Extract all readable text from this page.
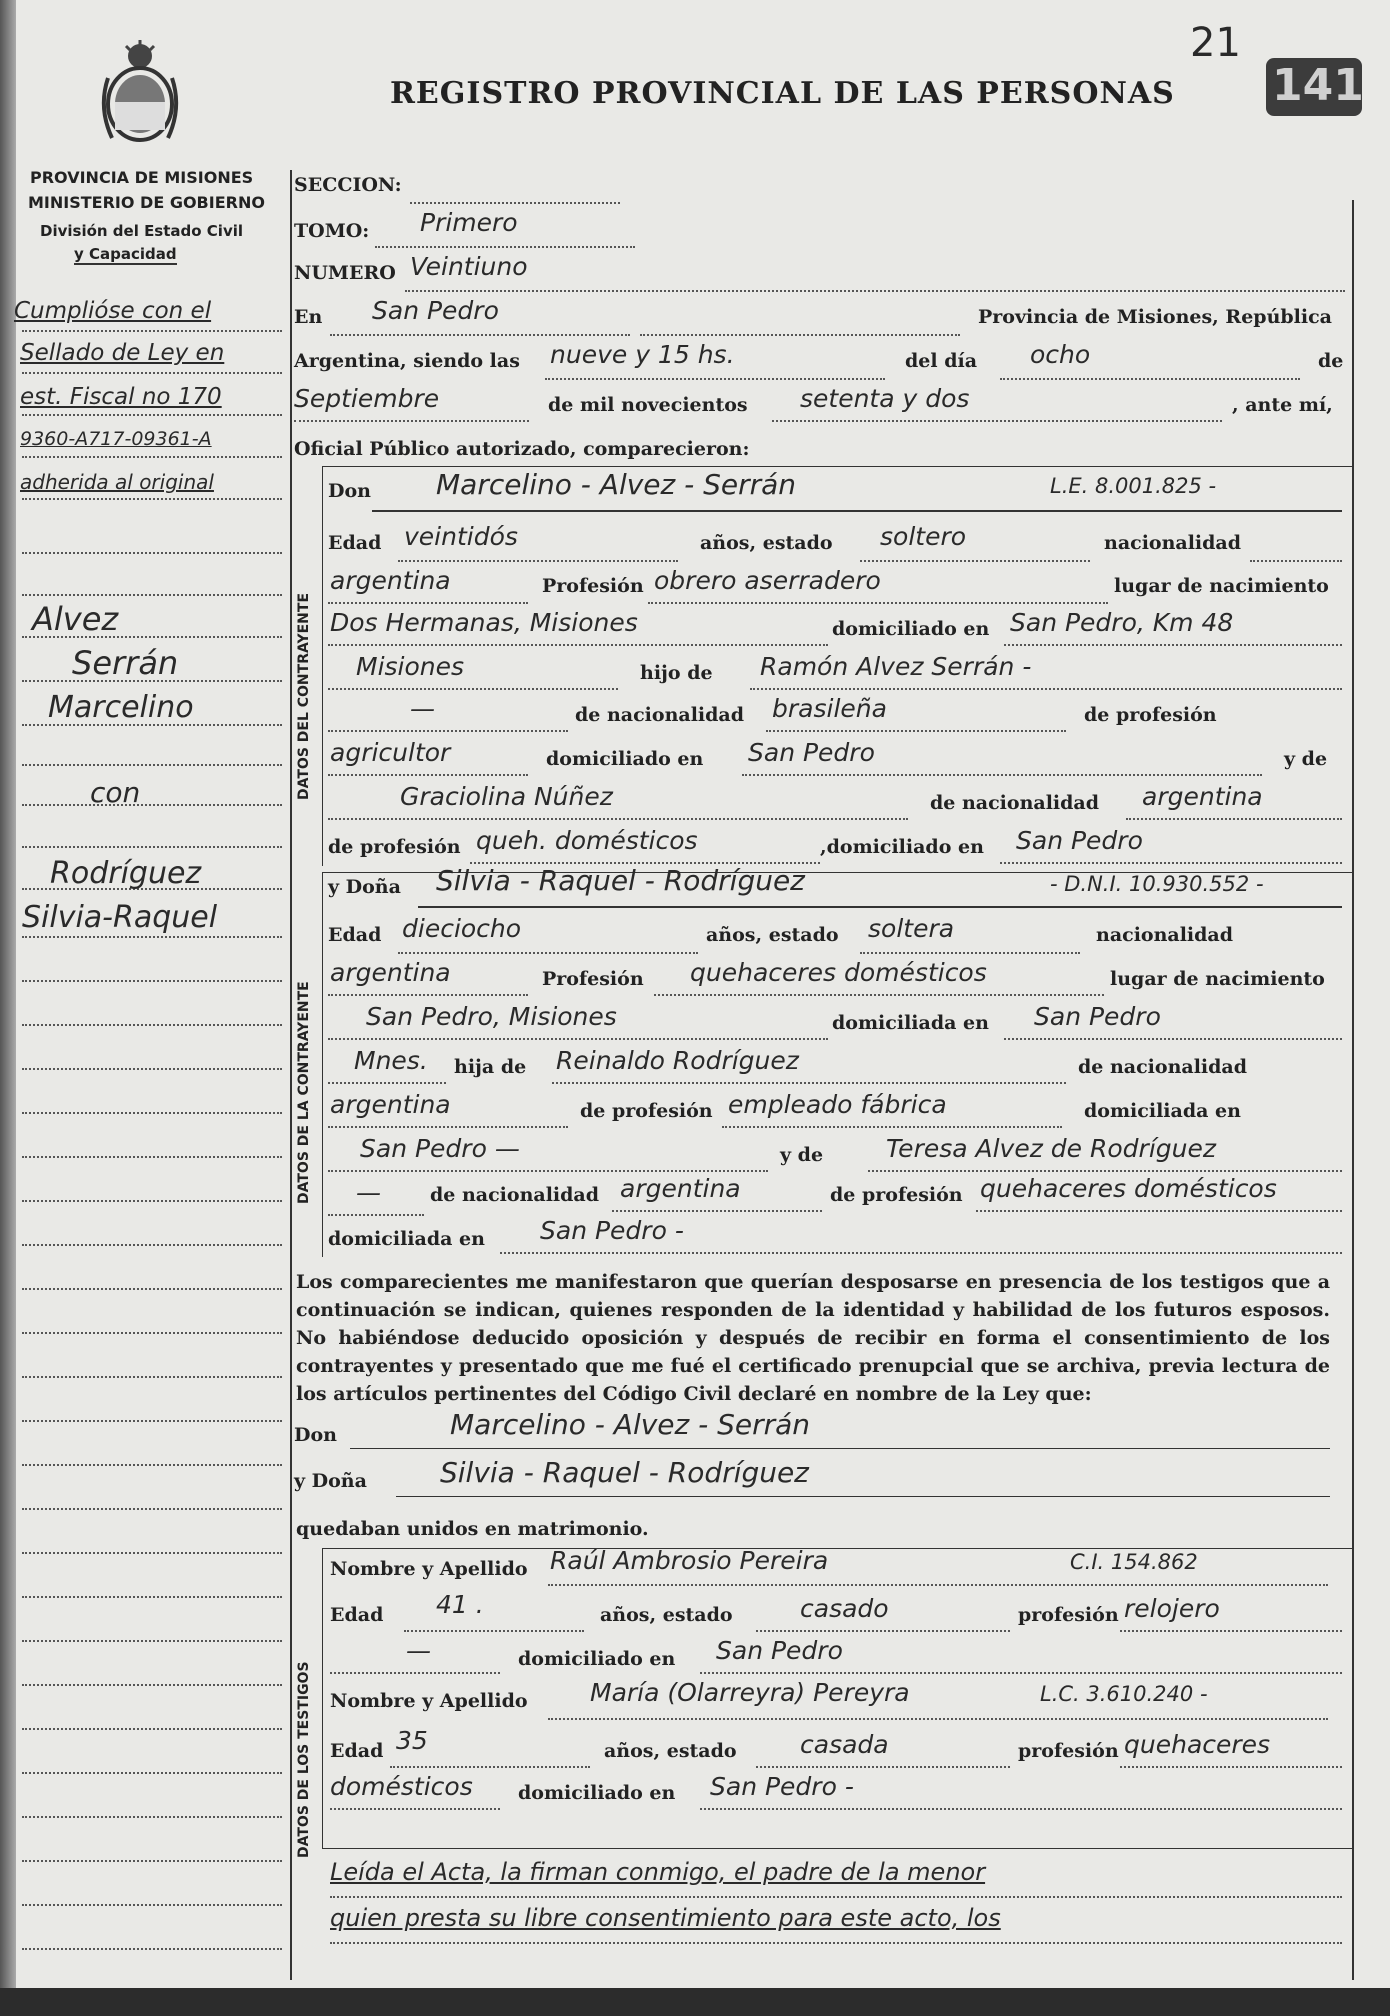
REGISTRO PROVINCIAL DE LAS PERSONAS
21
141
PROVINCIA DE MISIONES
MINISTERIO DE GOBIERNO
División del Estado Civil
y Capacidad
SECCION:
TOMO: Primero
NUMERO Veintiuno
En San Pedro	Provincia de Misiones, República
Argentina, siendo las nueve y 15 hs.	del día ocho	de
Septiembre	de mil novecientos setenta y dos	, ante mí,
Oficial Público autorizado, comparecieron:
DATOS DEL CONTRAYENTE
Don Marcelino - Alvez - Serrán	L.E. 8.001.825 -
Edad veintidós	años, estado soltero	nacionalidad
argentina	Profesión obrero aserradero	lugar de nacimiento
Dos Hermanas, Misiones	domiciliado en San Pedro, Km 48
Misiones	hijo de Ramón Alvez Serrán -
—	de nacionalidad brasileña	de profesión
agricultor	domiciliado en San Pedro	y de
Graciolina Núñez	de nacionalidad argentina
de profesión queh. domésticos	,domiciliado en San Pedro
DATOS DE LA CONTRAYENTE
y Doña Silvia - Raquel - Rodríguez	- D.N.I. 10.930.552 -
Edad dieciocho	años, estado soltera	nacionalidad
argentina	Profesión quehaceres domésticos	lugar de nacimiento
San Pedro, Misiones	domiciliada en San Pedro
Mnes. hija de Reinaldo Rodríguez	de nacionalidad
argentina	de profesión empleado fábrica	domiciliada en
San Pedro —	y de	Teresa Alvez de Rodríguez
—	de nacionalidad argentina	de profesión quehaceres domésticos
domiciliada en San Pedro -
Los comparecientes me manifestaron que querían desposarse en presencia de los testigos que a continuación se indican, quienes responden de la identidad y habilidad de los futuros esposos. No habiéndose deducido oposición y después de recibir en forma el consentimiento de los contrayentes y presentado que me fué el certificado prenupcial que se archiva, previa lectura de los artículos pertinentes del Código Civil declaré en nombre de la Ley que:
Don	Marcelino - Alvez - Serrán
y Doña	Silvia - Raquel - Rodríguez
quedaban unidos en matrimonio.
DATOS DE LOS TESTIGOS
Nombre y Apellido Raúl Ambrosio Pereira	C.I. 154.862
Edad 41 .	años, estado	casado	profesión relojero
—	domiciliado en San Pedro
Nombre y Apellido María (Olarreyra) Pereyra	L.C. 3.610.240 -
Edad 35	años, estado	casada	profesión quehaceres
domésticos domiciliado en San Pedro -
Leída el Acta, la firman conmigo, el padre de la menor
quien presta su libre consentimiento para este acto, los
Cumplióse con el
Sellado de Ley en
est. Fiscal no 170
9360-A717-09361-A
adherida al original
Alvez
Serrán
Marcelino
con
Rodríguez
Silvia-Raquel
